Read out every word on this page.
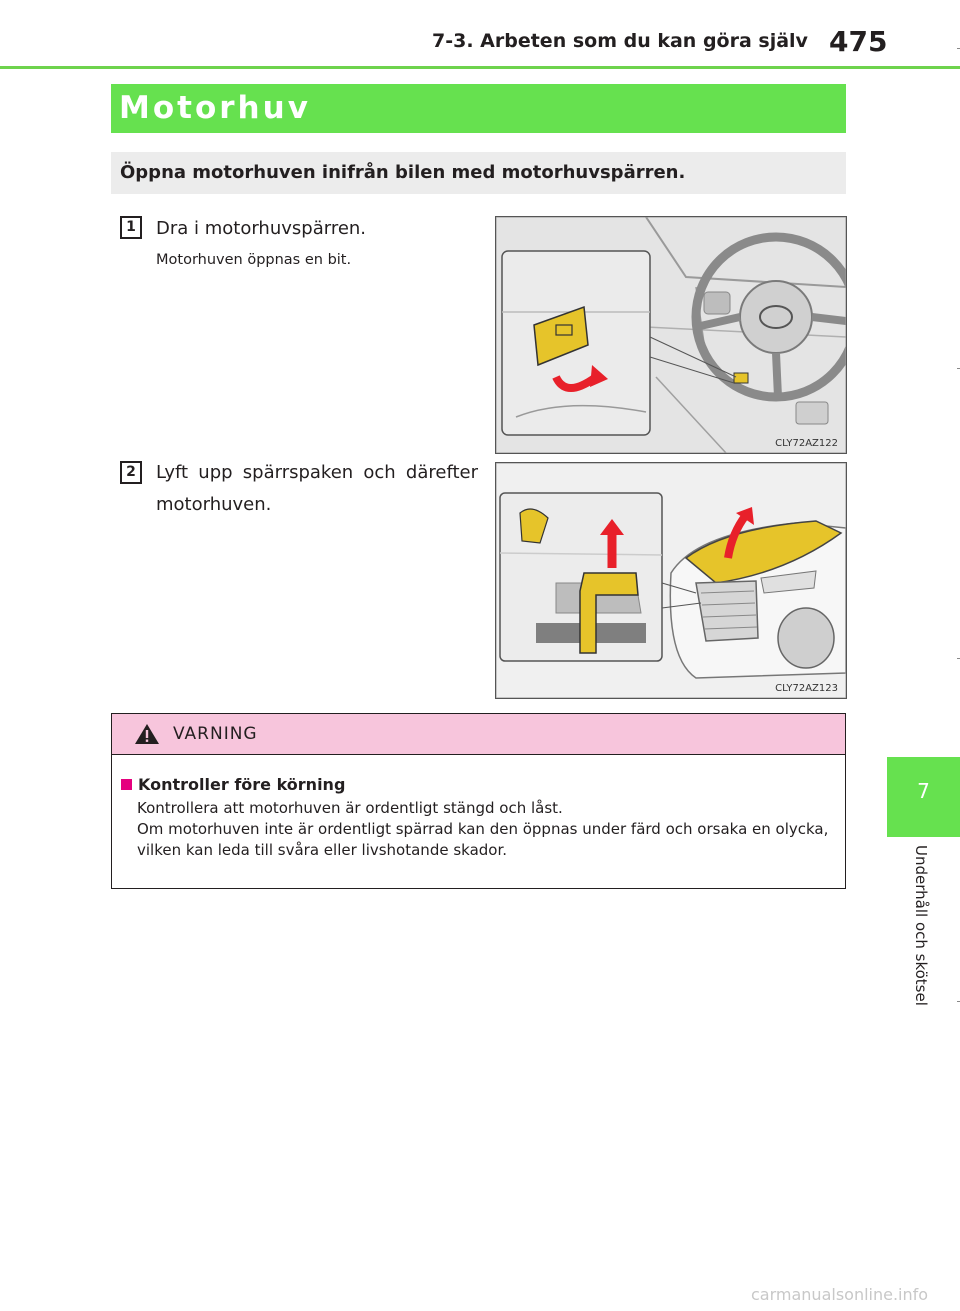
7-3. Arbeten som du kan göra själv 475
Motorhuv
Öppna motorhuven inifrån bilen med motorhuvspärren.
1	Dra i motorhuvspärren.
Motorhuven öppnas en bit.
CLY72AZ122
2	Lyft upp spärrspaken och därefter motorhuven.
CLY72AZ123
VARNING
Kontroller före körning
Kontrollera att motorhuven är ordentligt stängd och låst.
Om motorhuven inte är ordentligt spärrad kan den öppnas under färd och orsaka en olycka, vilken kan leda till svåra eller livshotande skador.
7
Underhåll och skötsel
carmanualsonline.info
